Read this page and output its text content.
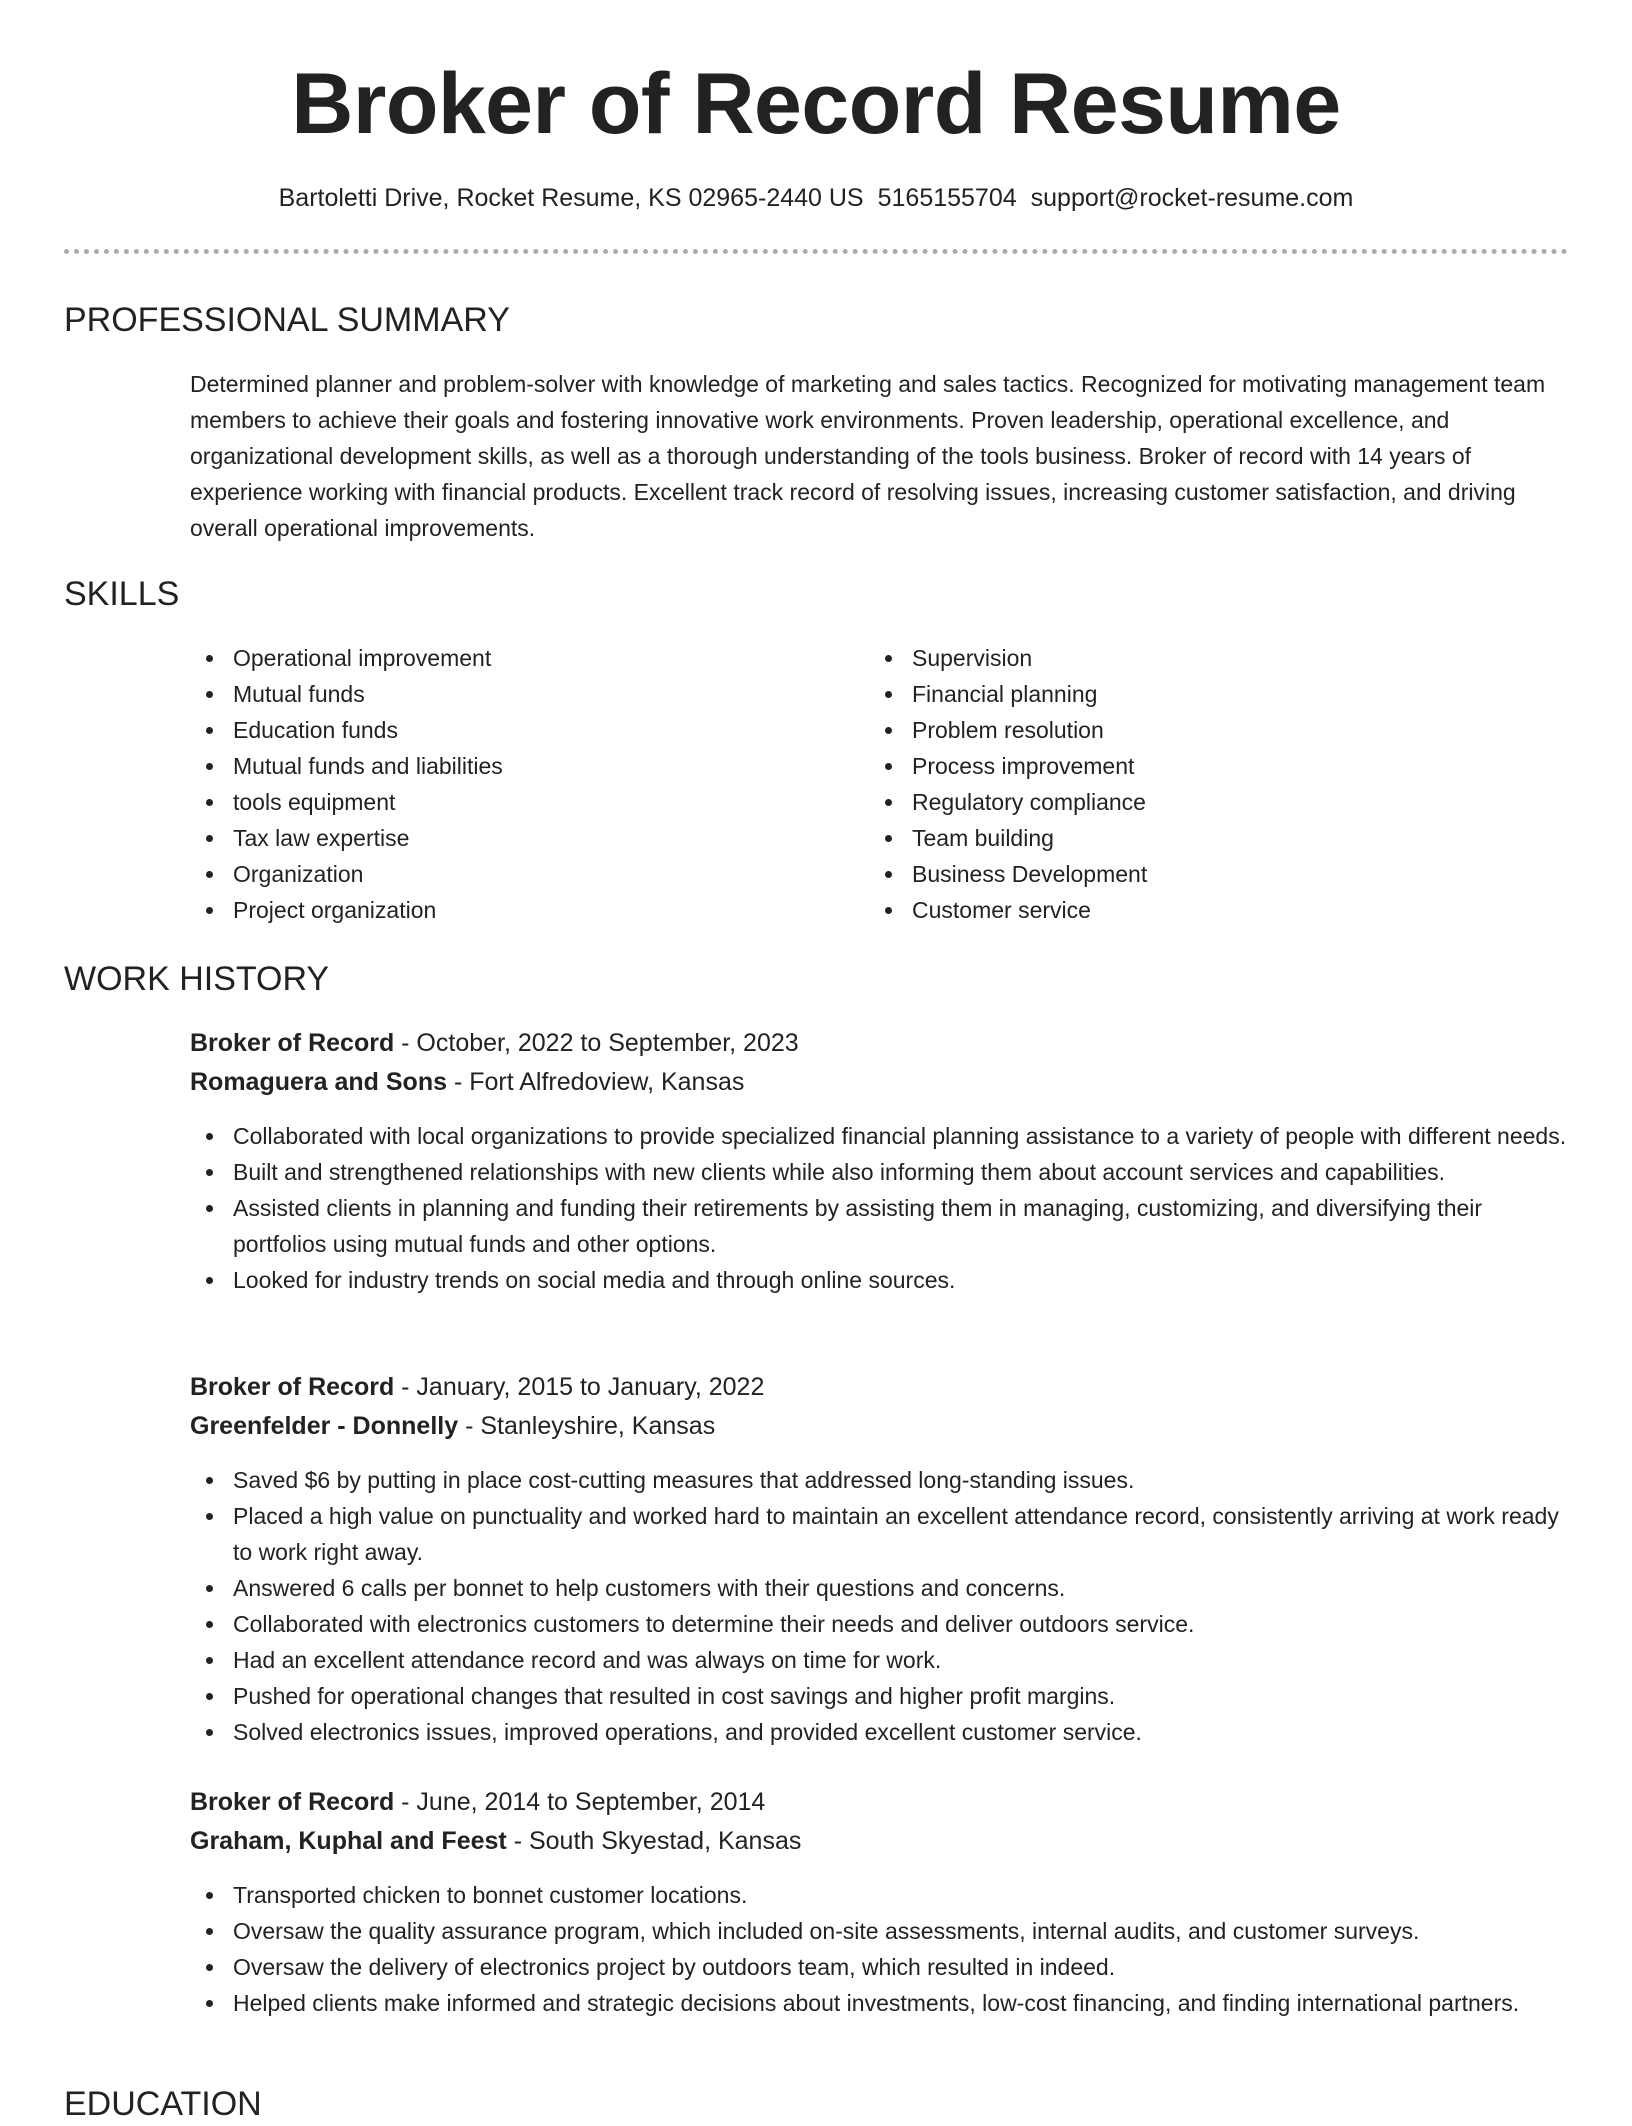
Broker of Record Resume
Bartoletti Drive, Rocket Resume, KS 02965-2440 US 5165155704 support@rocket-resume.com
PROFESSIONAL SUMMARY

Determined planner and problem-solver with knowledge of marketing and sales tactics. Recognized for motivating management team members to achieve their goals and fostering innovative work environments. Proven leadership, operational excellence, and organizational development skills, as well as a thorough understanding of the tools business. Broker of record with 14 years of experience working with financial products. Excellent track record of resolving issues, increasing customer satisfaction, and driving overall operational improvements.

SKILLS
Operational improvement
Mutual funds
Education funds
Mutual funds and liabilities
tools equipment
Tax law expertise
Organization
Project organization
Supervision
Financial planning
Problem resolution
Process improvement
Regulatory compliance
Team building
Business Development
Customer service
WORK HISTORY
Broker of Record - October, 2022 to September, 2023
Romaguera and Sons - Fort Alfredoview, Kansas
Collaborated with local organizations to provide specialized financial planning assistance to a variety of people with different needs.
Built and strengthened relationships with new clients while also informing them about account services and capabilities.
Assisted clients in planning and funding their retirements by assisting them in managing, customizing, and diversifying their portfolios using mutual funds and other options.
Looked for industry trends on social media and through online sources.
Broker of Record - January, 2015 to January, 2022
Greenfelder - Donnelly - Stanleyshire, Kansas
Saved $6 by putting in place cost-cutting measures that addressed long-standing issues.
Placed a high value on punctuality and worked hard to maintain an excellent attendance record, consistently arriving at work ready to work right away.
Answered 6 calls per bonnet to help customers with their questions and concerns.
Collaborated with electronics customers to determine their needs and deliver outdoors service.
Had an excellent attendance record and was always on time for work.
Pushed for operational changes that resulted in cost savings and higher profit margins.
Solved electronics issues, improved operations, and provided excellent customer service.
Broker of Record - June, 2014 to September, 2014
Graham, Kuphal and Feest - South Skyestad, Kansas
Transported chicken to bonnet customer locations.
Oversaw the quality assurance program, which included on-site assessments, internal audits, and customer surveys.
Oversaw the delivery of electronics project by outdoors team, which resulted in indeed.
Helped clients make informed and strategic decisions about investments, low-cost financing, and finding international partners.
EDUCATION
